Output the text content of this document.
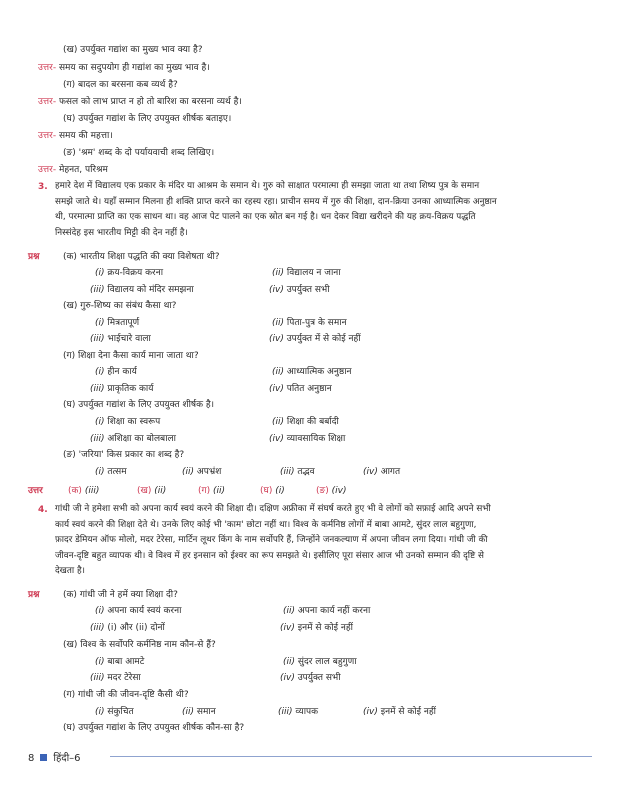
(ख) उपर्युक्त गद्यांश का मुख्य भाव क्या है?
उत्तर- समय का सदुपयोग ही गद्यांश का मुख्य भाव है।
(ग) बादल का बरसना कब व्यर्थ है?
उत्तर- फसल को लाभ प्राप्त न हो तो बारिश का बरसना व्यर्थ है।
(घ) उपर्युक्त गद्यांश के लिए उपयुक्त शीर्षक बताइए।
उत्तर- समय की महत्ता।
(ङ) 'श्रम' शब्द के दो पर्यायवाची शब्द लिखिए।
उत्तर- मेहनत, परिश्रम
3. हमारे देश में विद्यालय एक प्रकार के मंदिर या आश्रम के समान थे। गुरु को साक्षात परमात्मा ही समझा जाता था तथा शिष्य पुत्र के समान
समझे जाते थे। यहाँ सम्मान मिलना ही शक्ति प्राप्त करने का रहस्य रहा। प्राचीन समय में गुरु की शिक्षा, दान-क्रिया उनका आध्यात्मिक अनुष्ठान
थी, परमात्मा प्राप्ति का एक साधन था। वह आज पेट पालने का एक स्रोत बन गई है। धन देकर विद्या खरीदने की यह क्रय-विक्रय पद्धति
निस्संदेह इस भारतीय मिट्टी की देन नहीं है।
प्रश्न	(क) भारतीय शिक्षा पद्धति की क्या विशेषता थी?
(i) क्रय-विक्रय करना	(ii) विद्यालय न जाना
(iii) विद्यालय को मंदिर समझना	(iv) उपर्युक्त सभी
(ख) गुरु-शिष्य का संबंध कैसा था?
(i) मित्रतापूर्ण	(ii) पिता-पुत्र के समान
(iii) भाईचारे वाला	(iv) उपर्युक्त में से कोई नहीं
(ग) शिक्षा देना कैसा कार्य माना जाता था?
(i) हीन कार्य	(ii) आध्यात्मिक अनुष्ठान
(iii) प्राकृतिक कार्य	(iv) पतित अनुष्ठान
(घ) उपर्युक्त गद्यांश के लिए उपयुक्त शीर्षक है।
(i) शिक्षा का स्वरूप	(ii) शिक्षा की बर्बादी
(iii) अशिक्षा का बोलबाला	(iv) व्यावसायिक शिक्षा
(ङ) 'जरिया' किस प्रकार का शब्द है?
(i) तत्सम	(ii) अपभ्रंश	(iii) तद्भव	(iv) आगत
उत्तर	(क) (iii)	(ख) (ii)	(ग) (ii)	(घ) (i)	(ङ) (iv)
4. गांधी जी ने हमेशा सभी को अपना कार्य स्वयं करने की शिक्षा दी। दक्षिण अफ्रीका में संघर्ष करते हुए भी वे लोगों को सफ़ाई आदि अपने सभी
कार्य स्वयं करने की शिक्षा देते थे। उनके लिए कोई भी 'काम' छोटा नहीं था। विश्व के कर्मनिष्ठ लोगों में बाबा आमटे, सुंदर लाल बहुगुणा,
फ़ादर डेमियन ऑफ मोलो, मदर टेरेसा, मार्टिन लूथर किंग के नाम सर्वोपरि हैं, जिन्होंने जनकल्याण में अपना जीवन लगा दिया। गांधी जी की
जीवन-दृष्टि बहुत व्यापक थी। वे विश्व में हर इनसान को ईश्वर का रूप समझते थे। इसीलिए पूरा संसार आज भी उनको सम्मान की दृष्टि से
देखता है।
प्रश्न	(क) गांधी जी ने हमें क्या शिक्षा दी?
(i) अपना कार्य स्वयं करना	(ii) अपना कार्य नहीं करना
(iii) (i) और (ii) दोनों	(iv) इनमें से कोई नहीं
(ख) विश्व के सर्वोपरि कर्मनिष्ठ नाम कौन-से हैं?
(i) बाबा आमटे	(ii) सुंदर लाल बहुगुणा
(iii) मदर टेरेसा	(iv) उपर्युक्त सभी
(ग) गांधी जी की जीवन-दृष्टि कैसी थी?
(i) संकुचित	(ii) समान	(iii) व्यापक	(iv) इनमें से कोई नहीं
(घ) उपर्युक्त गद्यांश के लिए उपयुक्त शीर्षक कौन-सा है?
8 हिंदी–6
